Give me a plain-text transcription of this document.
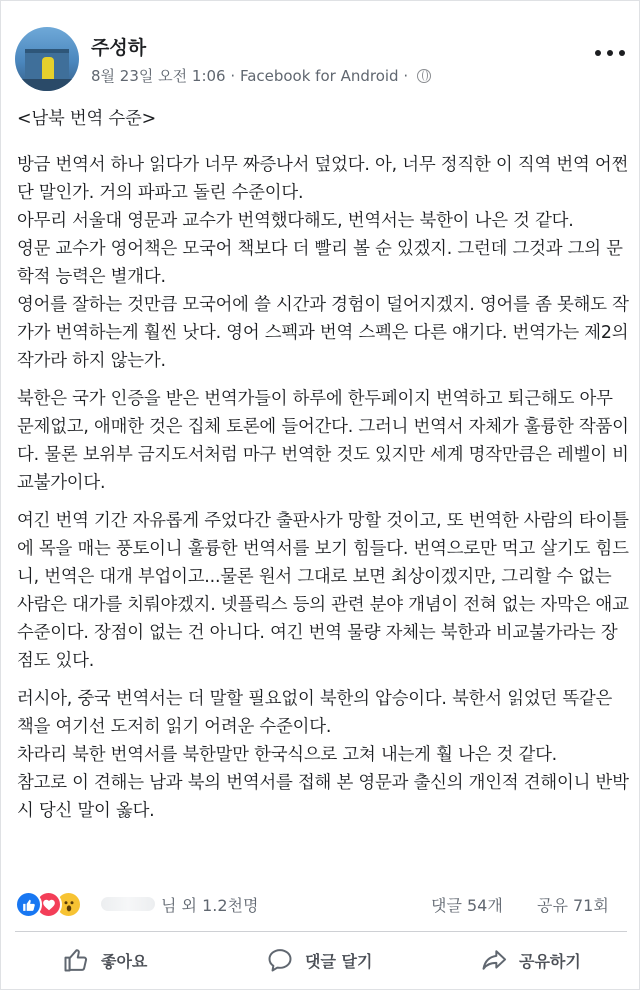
주성하
8월 23일 오전 1:06 · Facebook for Android ·

<남북 번역 수준>

방금 번역서 하나 읽다가 너무 짜증나서 덮었다. 아, 너무 정직한 이 직역 번역 어쩐단 말인가. 거의 파파고 돌린 수준이다.

아무리 서울대 영문과 교수가 번역했다해도, 번역서는 북한이 나은 것 같다.

영문 교수가 영어책은 모국어 책보다 더 빨리 볼 순 있겠지. 그런데 그것과 그의 문학적 능력은 별개다.

영어를 잘하는 것만큼 모국어에 쓸 시간과 경험이 덜어지겠지. 영어를 좀 못해도 작가가 번역하는게 훨씬 낫다. 영어 스펙과 번역 스펙은 다른 얘기다. 번역가는 제2의 작가라 하지 않는가.

북한은 국가 인증을 받은 번역가들이 하루에 한두페이지 번역하고 퇴근해도 아무 문제없고, 애매한 것은 집체 토론에 들어간다. 그러니 번역서 자체가 훌륭한 작품이다. 물론 보위부 금지도서처럼 마구 번역한 것도 있지만 세계 명작만큼은 레벨이 비교불가이다.

여긴 번역 기간 자유롭게 주었다간 출판사가 망할 것이고, 또 번역한 사람의 타이틀에 목을 매는 풍토이니 훌륭한 번역서를 보기 힘들다. 번역으로만 먹고 살기도 힘드니, 번역은 대개 부업이고...물론 원서 그대로 보면 최상이겠지만, 그리할 수 없는 사람은 대가를 치뤄야겠지. 넷플릭스 등의 관련 분야 개념이 전혀 없는 자막은 애교 수준이다. 장점이 없는 건 아니다. 여긴 번역 물량 자체는 북한과 비교불가라는 장점도 있다.

러시아, 중국 번역서는 더 말할 필요없이 북한의 압승이다. 북한서 읽었던 똑같은 책을 여기선 도저히 읽기 어려운 수준이다.

차라리 북한 번역서를 북한말만 한국식으로 고쳐 내는게 훨 나은 것 같다.

참고로 이 견해는 남과 북의 번역서를 접해 본 영문과 출신의 개인적 견해이니 반박시 당신 말이 옳다.

님 외 1.2천명	댓글 54개 공유 71회
좋아요	댓글 달기	공유하기
